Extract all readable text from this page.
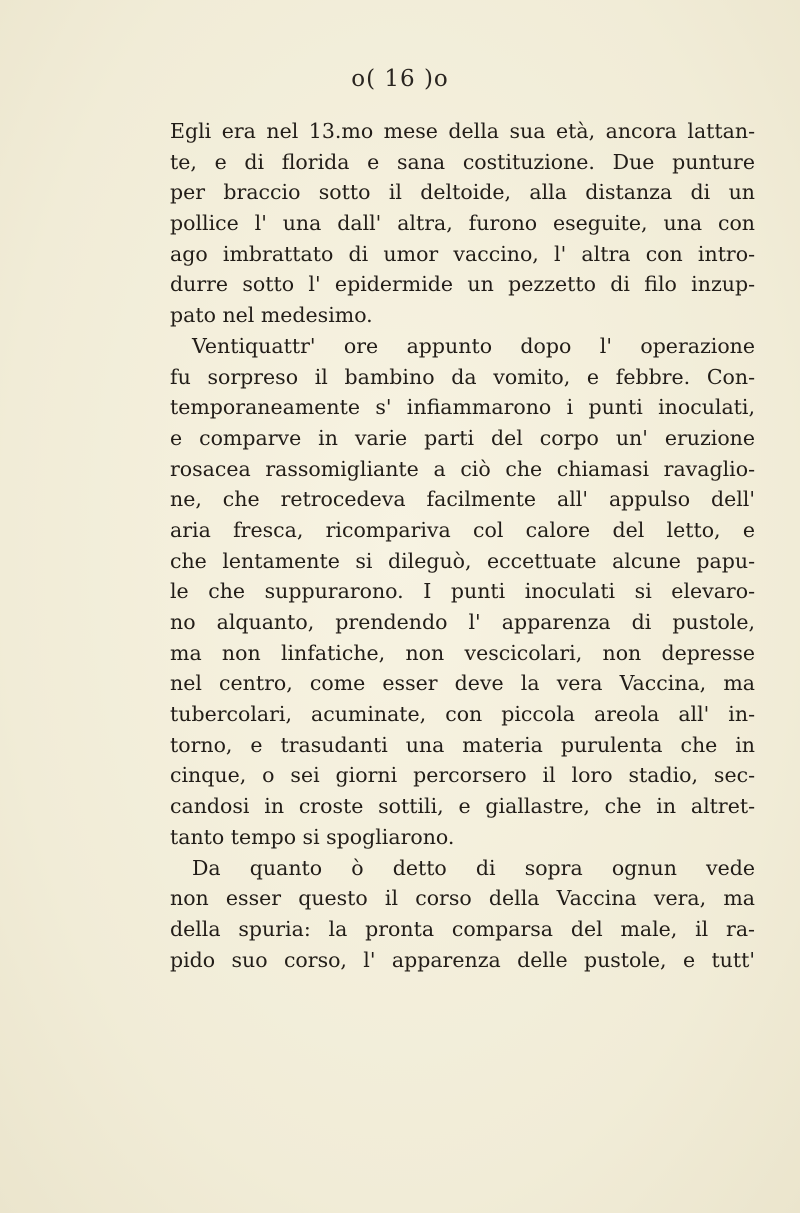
o( 16 )o
Egli era nel 13.mo mese della sua età, ancora lattan-
te, e di florida e sana costituzione. Due punture
per braccio sotto il deltoide, alla distanza di un
pollice l' una dall' altra, furono eseguite, una con
ago imbrattato di umor vaccino, l' altra con intro-
durre sotto l' epidermide un pezzetto di filo inzup-
pato nel medesimo.
Ventiquattr' ore appunto dopo l' operazione
fu sorpreso il bambino da vomito, e febbre. Con-
temporaneamente s' infiammarono i punti inoculati,
e comparve in varie parti del corpo un' eruzione
rosacea rassomigliante a ciò che chiamasi ravaglio-
ne, che retrocedeva facilmente all' appulso dell'
aria fresca, ricompariva col calore del letto, e
che lentamente si dileguò, eccettuate alcune papu-
le che suppurarono. I punti inoculati si elevaro-
no alquanto, prendendo l' apparenza di pustole,
ma non linfatiche, non vescicolari, non depresse
nel centro, come esser deve la vera Vaccina, ma
tubercolari, acuminate, con piccola areola all' in-
torno, e trasudanti una materia purulenta che in
cinque, o sei giorni percorsero il loro stadio, sec-
candosi in croste sottili, e giallastre, che in altret-
tanto tempo si spogliarono.
Da quanto ò detto di sopra ognun vede
non esser questo il corso della Vaccina vera, ma
della spuria: la pronta comparsa del male, il ra-
pido suo corso, l' apparenza delle pustole, e tutt'
